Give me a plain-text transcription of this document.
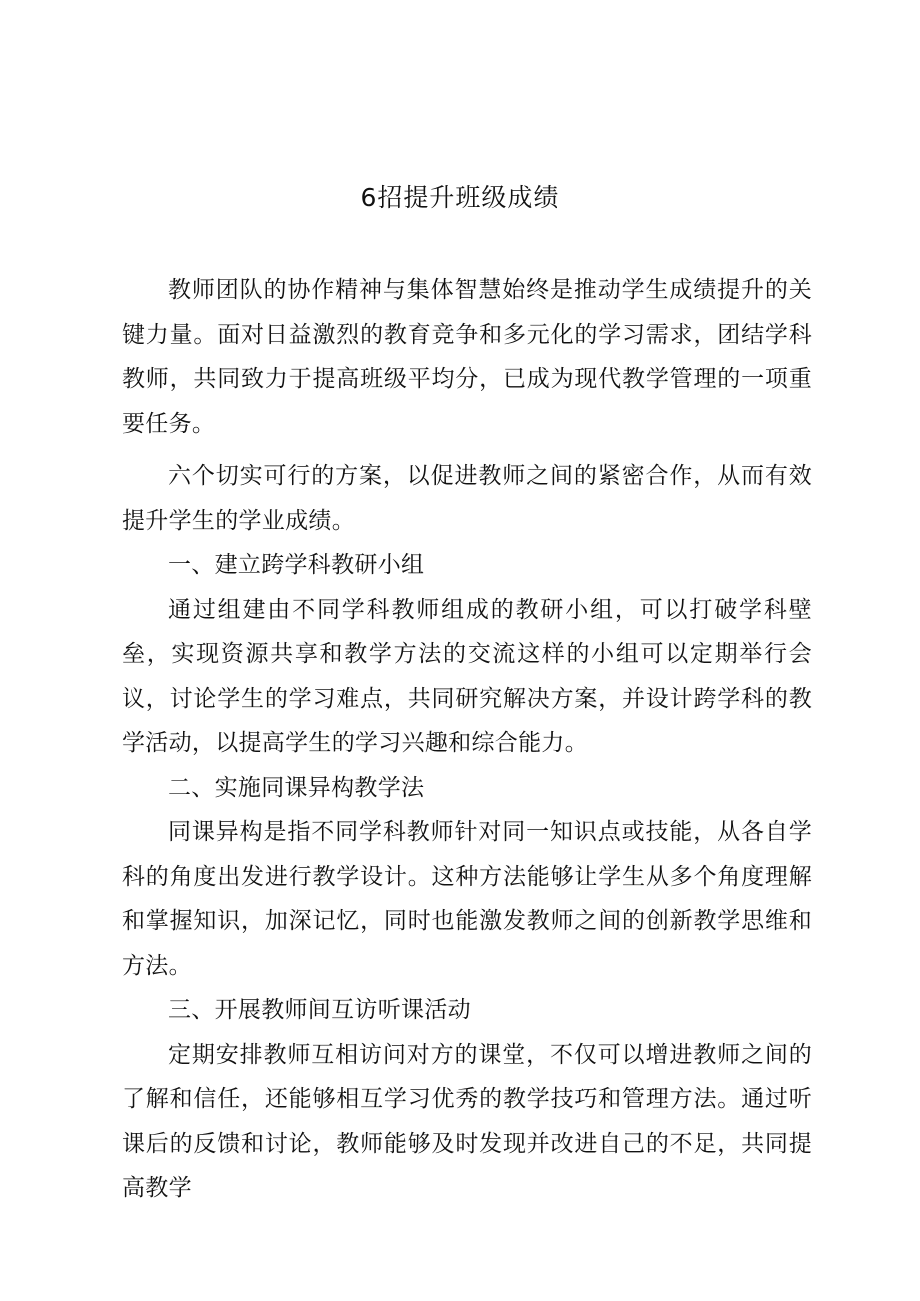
6招提升班级成绩

教师团队的协作精神与集体智慧始终是推动学生成绩提升的关键力量。面对日益激烈的教育竞争和多元化的学习需求，团结学科教师，共同致力于提高班级平均分，已成为现代教学管理的一项重要任务。

六个切实可行的方案，以促进教师之间的紧密合作，从而有效提升学生的学业成绩。

一、建立跨学科教研小组

通过组建由不同学科教师组成的教研小组，可以打破学科壁垒，实现资源共享和教学方法的交流这样的小组可以定期举行会议，讨论学生的学习难点，共同研究解决方案，并设计跨学科的教学活动，以提高学生的学习兴趣和综合能力。

二、实施同课异构教学法

同课异构是指不同学科教师针对同一知识点或技能，从各自学科的角度出发进行教学设计。这种方法能够让学生从多个角度理解和掌握知识，加深记忆，同时也能激发教师之间的创新教学思维和方法。

三、开展教师间互访听课活动

定期安排教师互相访问对方的课堂，不仅可以增进教师之间的了解和信任，还能够相互学习优秀的教学技巧和管理方法。通过听课后的反馈和讨论，教师能够及时发现并改进自己的不足，共同提高教学
